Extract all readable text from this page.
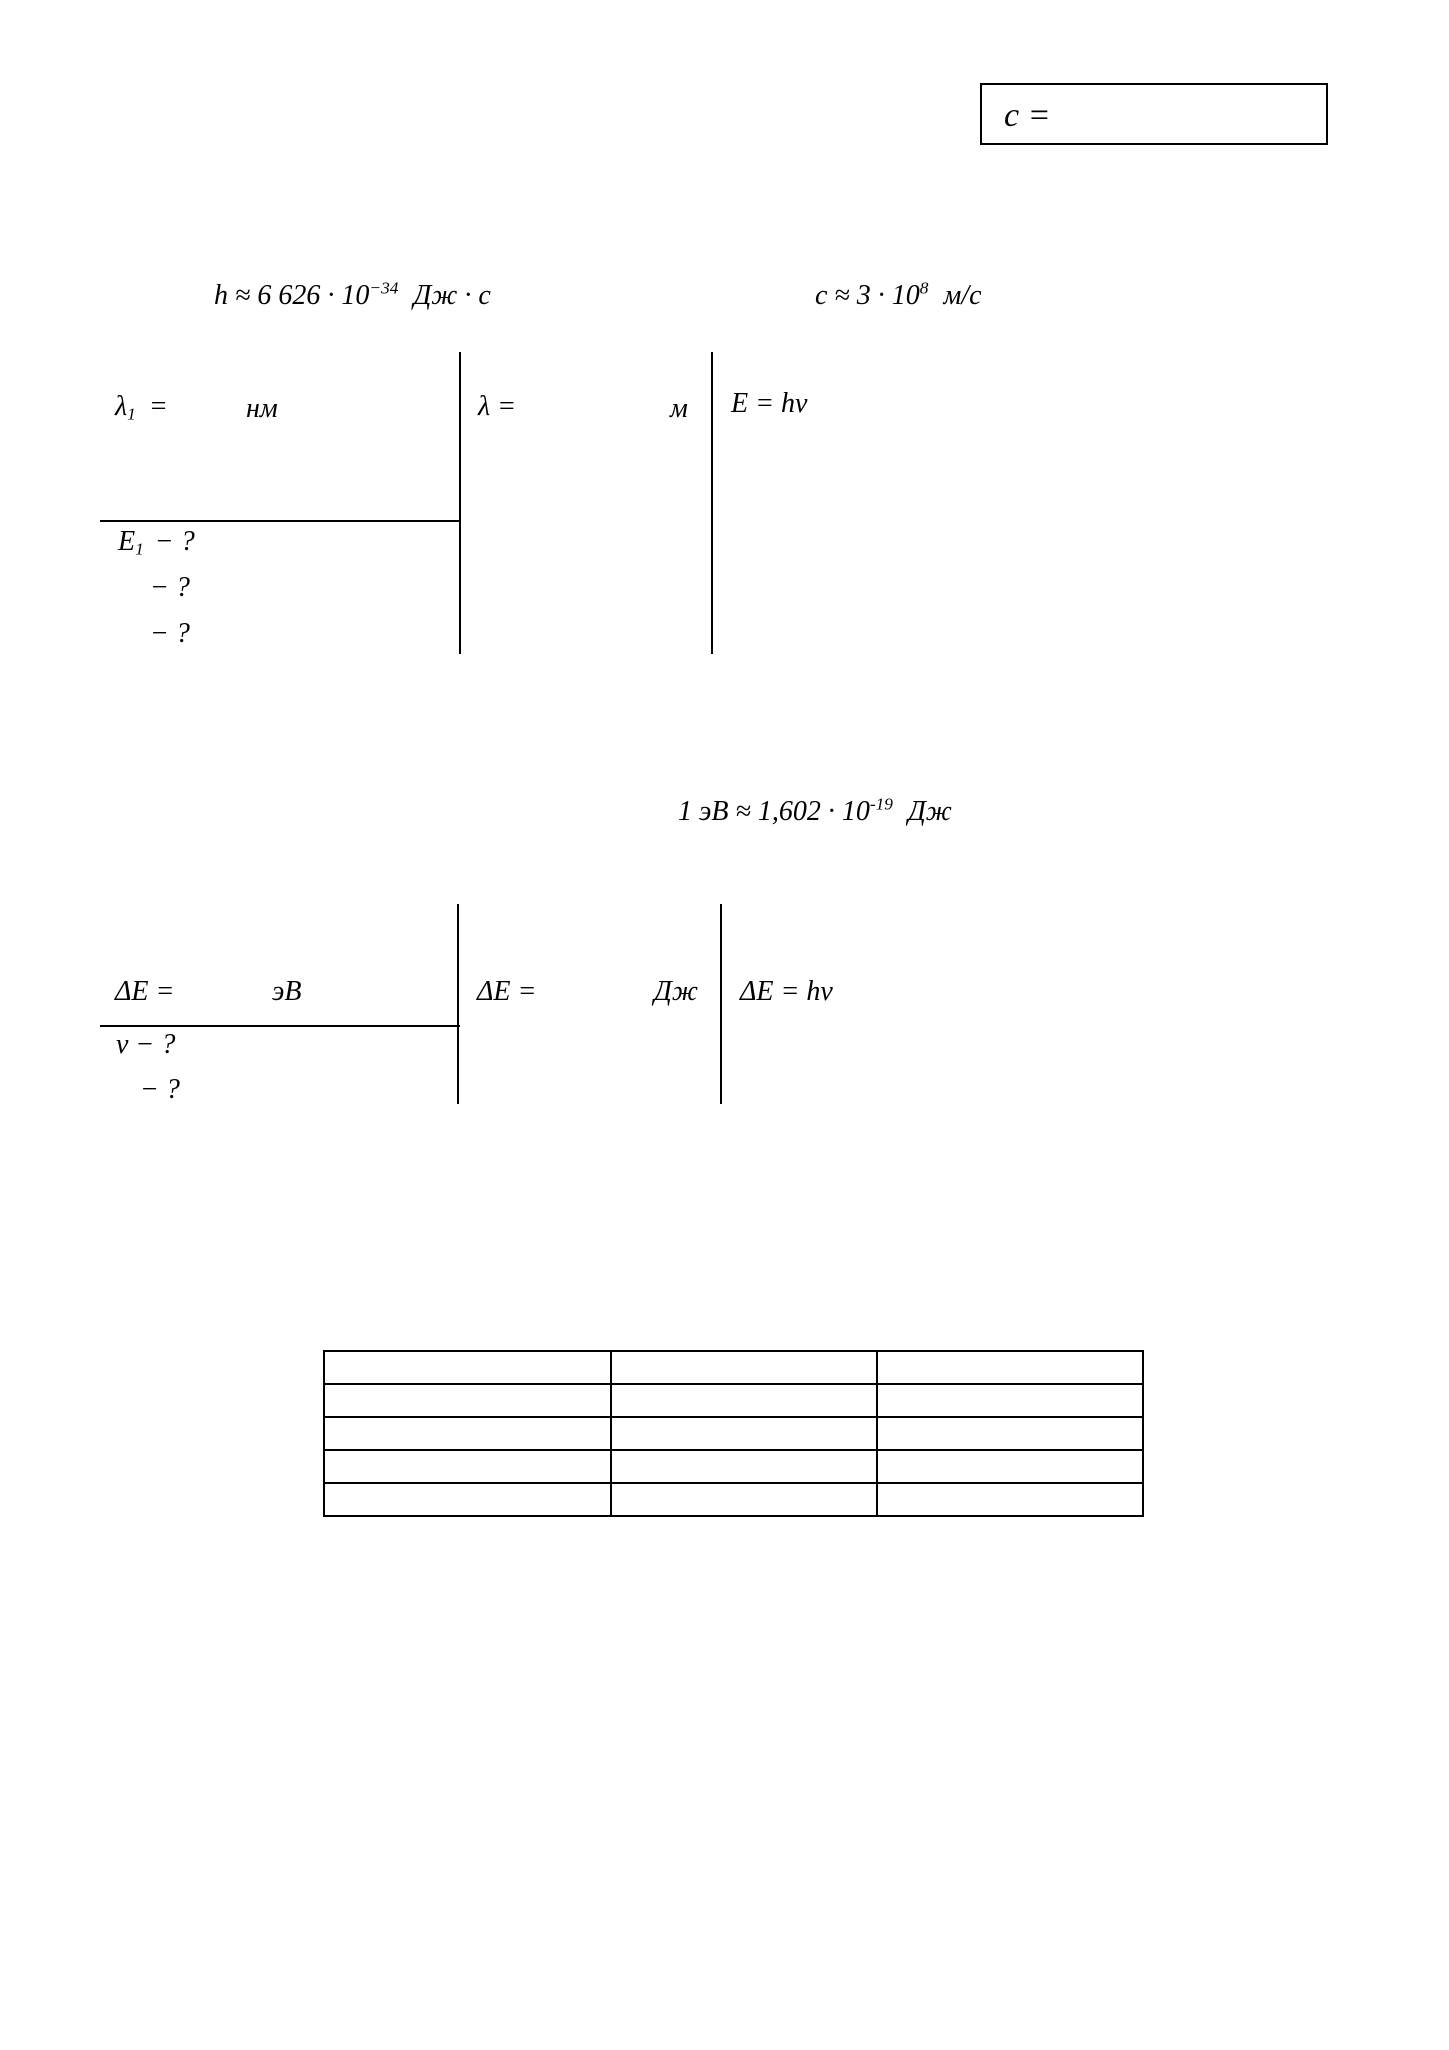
c =
h ≈ 6 $626 \cdot 10^{-34}$ Дж · с	$c \approx 3 \cdot 10^8$ м/с
$\lambda_1$ =	нм
$E_1$ − ?
− ?
− ?
λ =	м E = hν
1 эВ ≈ $1,602 \cdot 10^{-19}$ Дж
ΔE =	эВ
ν − ?
− ?
ΔE =	Дж ΔE = hν
